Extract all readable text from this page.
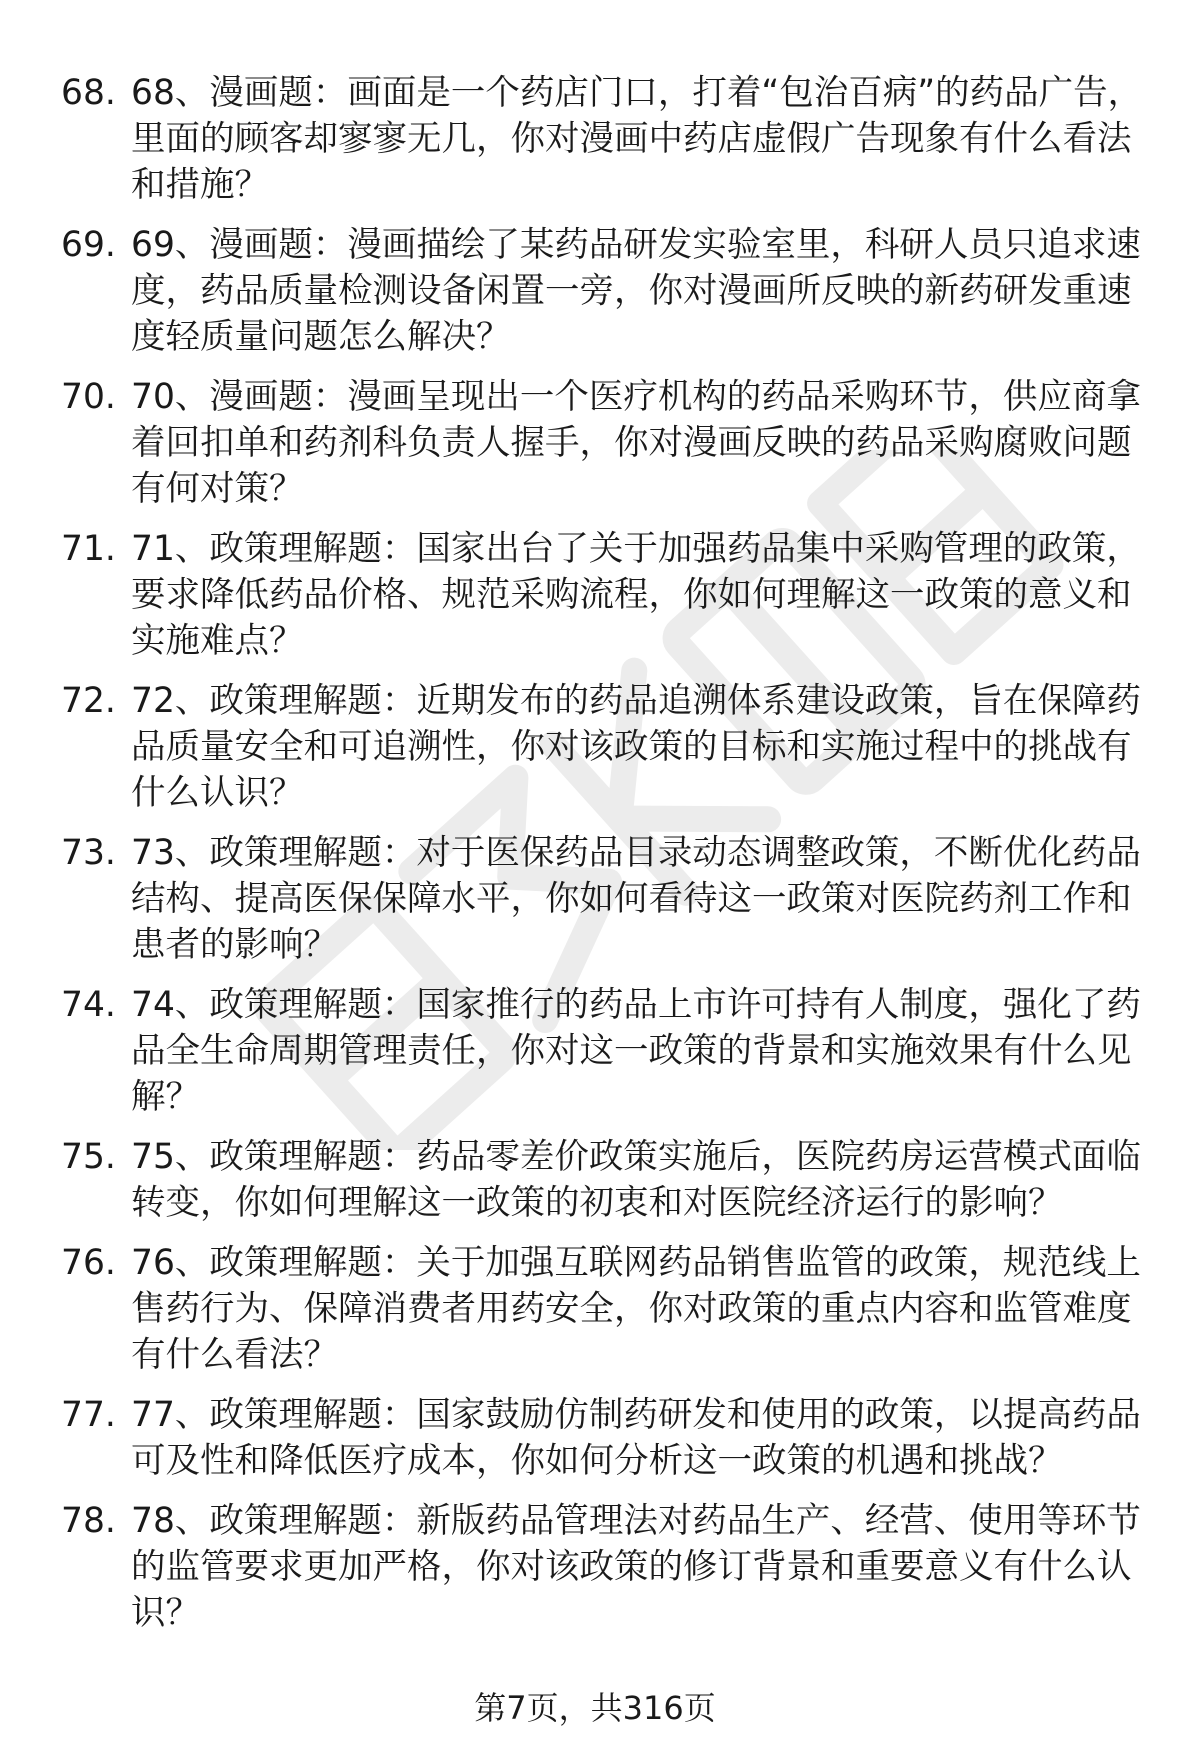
68. 68、漫画题：画面是一个药店门口，打着“包治百病”的药品广告，里面的顾客却寥寥无几，你对漫画中药店虚假广告现象有什么看法和措施？
69. 69、漫画题：漫画描绘了某药品研发实验室里，科研人员只追求速度，药品质量检测设备闲置一旁，你对漫画所反映的新药研发重速度轻质量问题怎么解决？
70. 70、漫画题：漫画呈现出一个医疗机构的药品采购环节，供应商拿着回扣单和药剂科负责人握手，你对漫画反映的药品采购腐败问题有何对策？
71. 71、政策理解题：国家出台了关于加强药品集中采购管理的政策，要求降低药品价格、规范采购流程，你如何理解这一政策的意义和实施难点？
72. 72、政策理解题：近期发布的药品追溯体系建设政策，旨在保障药品质量安全和可追溯性，你对该政策的目标和实施过程中的挑战有什么认识？
73. 73、政策理解题：对于医保药品目录动态调整政策，不断优化药品结构、提高医保保障水平，你如何看待这一政策对医院药剂工作和患者的影响？
74. 74、政策理解题：国家推行的药品上市许可持有人制度，强化了药品全生命周期管理责任，你对这一政策的背景和实施效果有什么见解？
75. 75、政策理解题：药品零差价政策实施后，医院药房运营模式面临转变，你如何理解这一政策的初衷和对医院经济运行的影响？
76. 76、政策理解题：关于加强互联网药品销售监管的政策，规范线上售药行为、保障消费者用药安全，你对政策的重点内容和监管难度有什么看法？
77. 77、政策理解题：国家鼓励仿制药研发和使用的政策，以提高药品可及性和降低医疗成本，你如何分析这一政策的机遇和挑战？
78. 78、政策理解题：新版药品管理法对药品生产、经营、使用等环节的监管要求更加严格，你对该政策的修订背景和重要意义有什么认识？
第7页，共316页
